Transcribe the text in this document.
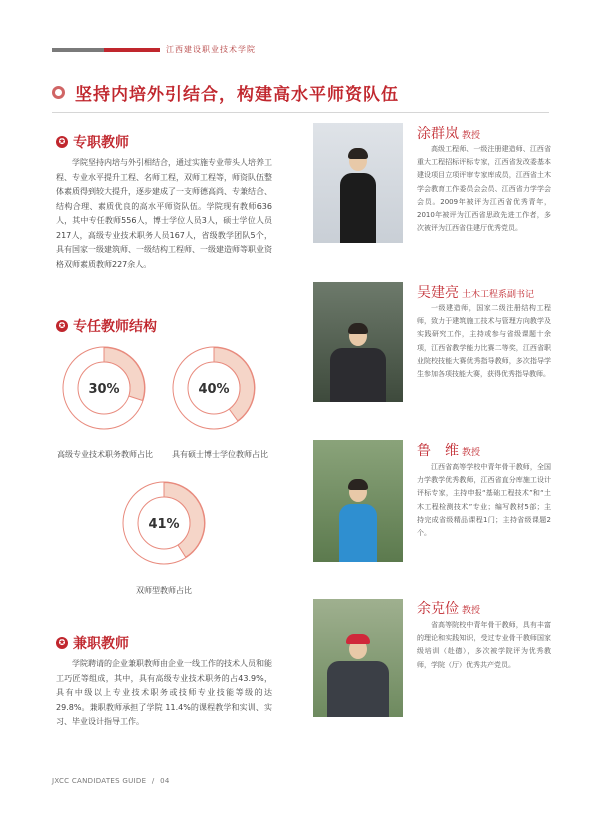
江西建设职业技术学院
坚持内培外引结合，构建高水平师资队伍
✪ 专职教师

学院坚持内培与外引相结合，通过实施专业带头人培养工程、专业水平提升工程、名师工程，双师工程等，师资队伍整体素质得到较大提升，逐步建成了一支师德高尚、专兼结合、结构合理、素质优良的高水平师资队伍。学院现有教师636人，其中专任教师556人，博士学位人员3人，硕士学位人员217人，高级专业技术职务人员167人，省级教学团队5个，具有国家一级建筑师、一级结构工程师、一级建造师等职业资格双师素质教师227余人。

✪ 专任教师结构
30%
高级专业技术职务教师占比
40%
具有硕士博士学位教师占比
41%
双师型教师占比
✪ 兼职教师

学院聘请的企业兼职教师由企业一线工作的技术人员和能工巧匠等组成，其中，具有高级专业技术职务的占43.9%，具有中级以上专业技术职务或技师专业技能等级的达 29.8%。兼职教师承担了学院 11.4%的课程教学和实训、实习、毕业设计指导工作。

涂群岚 教授

高级工程师、一级注册建造师、江西省重大工程招标评标专家，江西省发改委基本建设项目立项评审专家库成员，江西省土木学会教育工作委员会会员、江西省力学学会会员。2009年被评为江西省优秀青年，2010年被评为江西省思政先进工作者，多次被评为江西省住建厅优秀党员。

吴建亮 土木工程系副书记

一级建造师，国家二级注册结构工程师，致力于建筑施工技术与管理方向教学及实践研究工作，主持或参与省级课题十余项，江西省教学能力比赛二等奖，江西省职业院校技能大赛优秀指导教师，多次指导学生参加各项技能大赛，获得优秀指导教师。

鲁　维 教授

江西省高等学校中青年骨干教师，全国力学教学优秀教师，江西省直分库施工设计评标专家，主持申报“基础工程技术”和“土木工程检测技术”专业；编写教材5部；主持完成省级精品课程1门；主持省级课题2个。

余克俭 教授

省高等院校中青年骨干教师，具有丰富的理论和实践知识，受过专业骨干教师国家级培训（赴德），多次被学院评为优秀教师，学院（厅）优秀共产党员。

JXCC CANDIDATES GUIDE / 04
